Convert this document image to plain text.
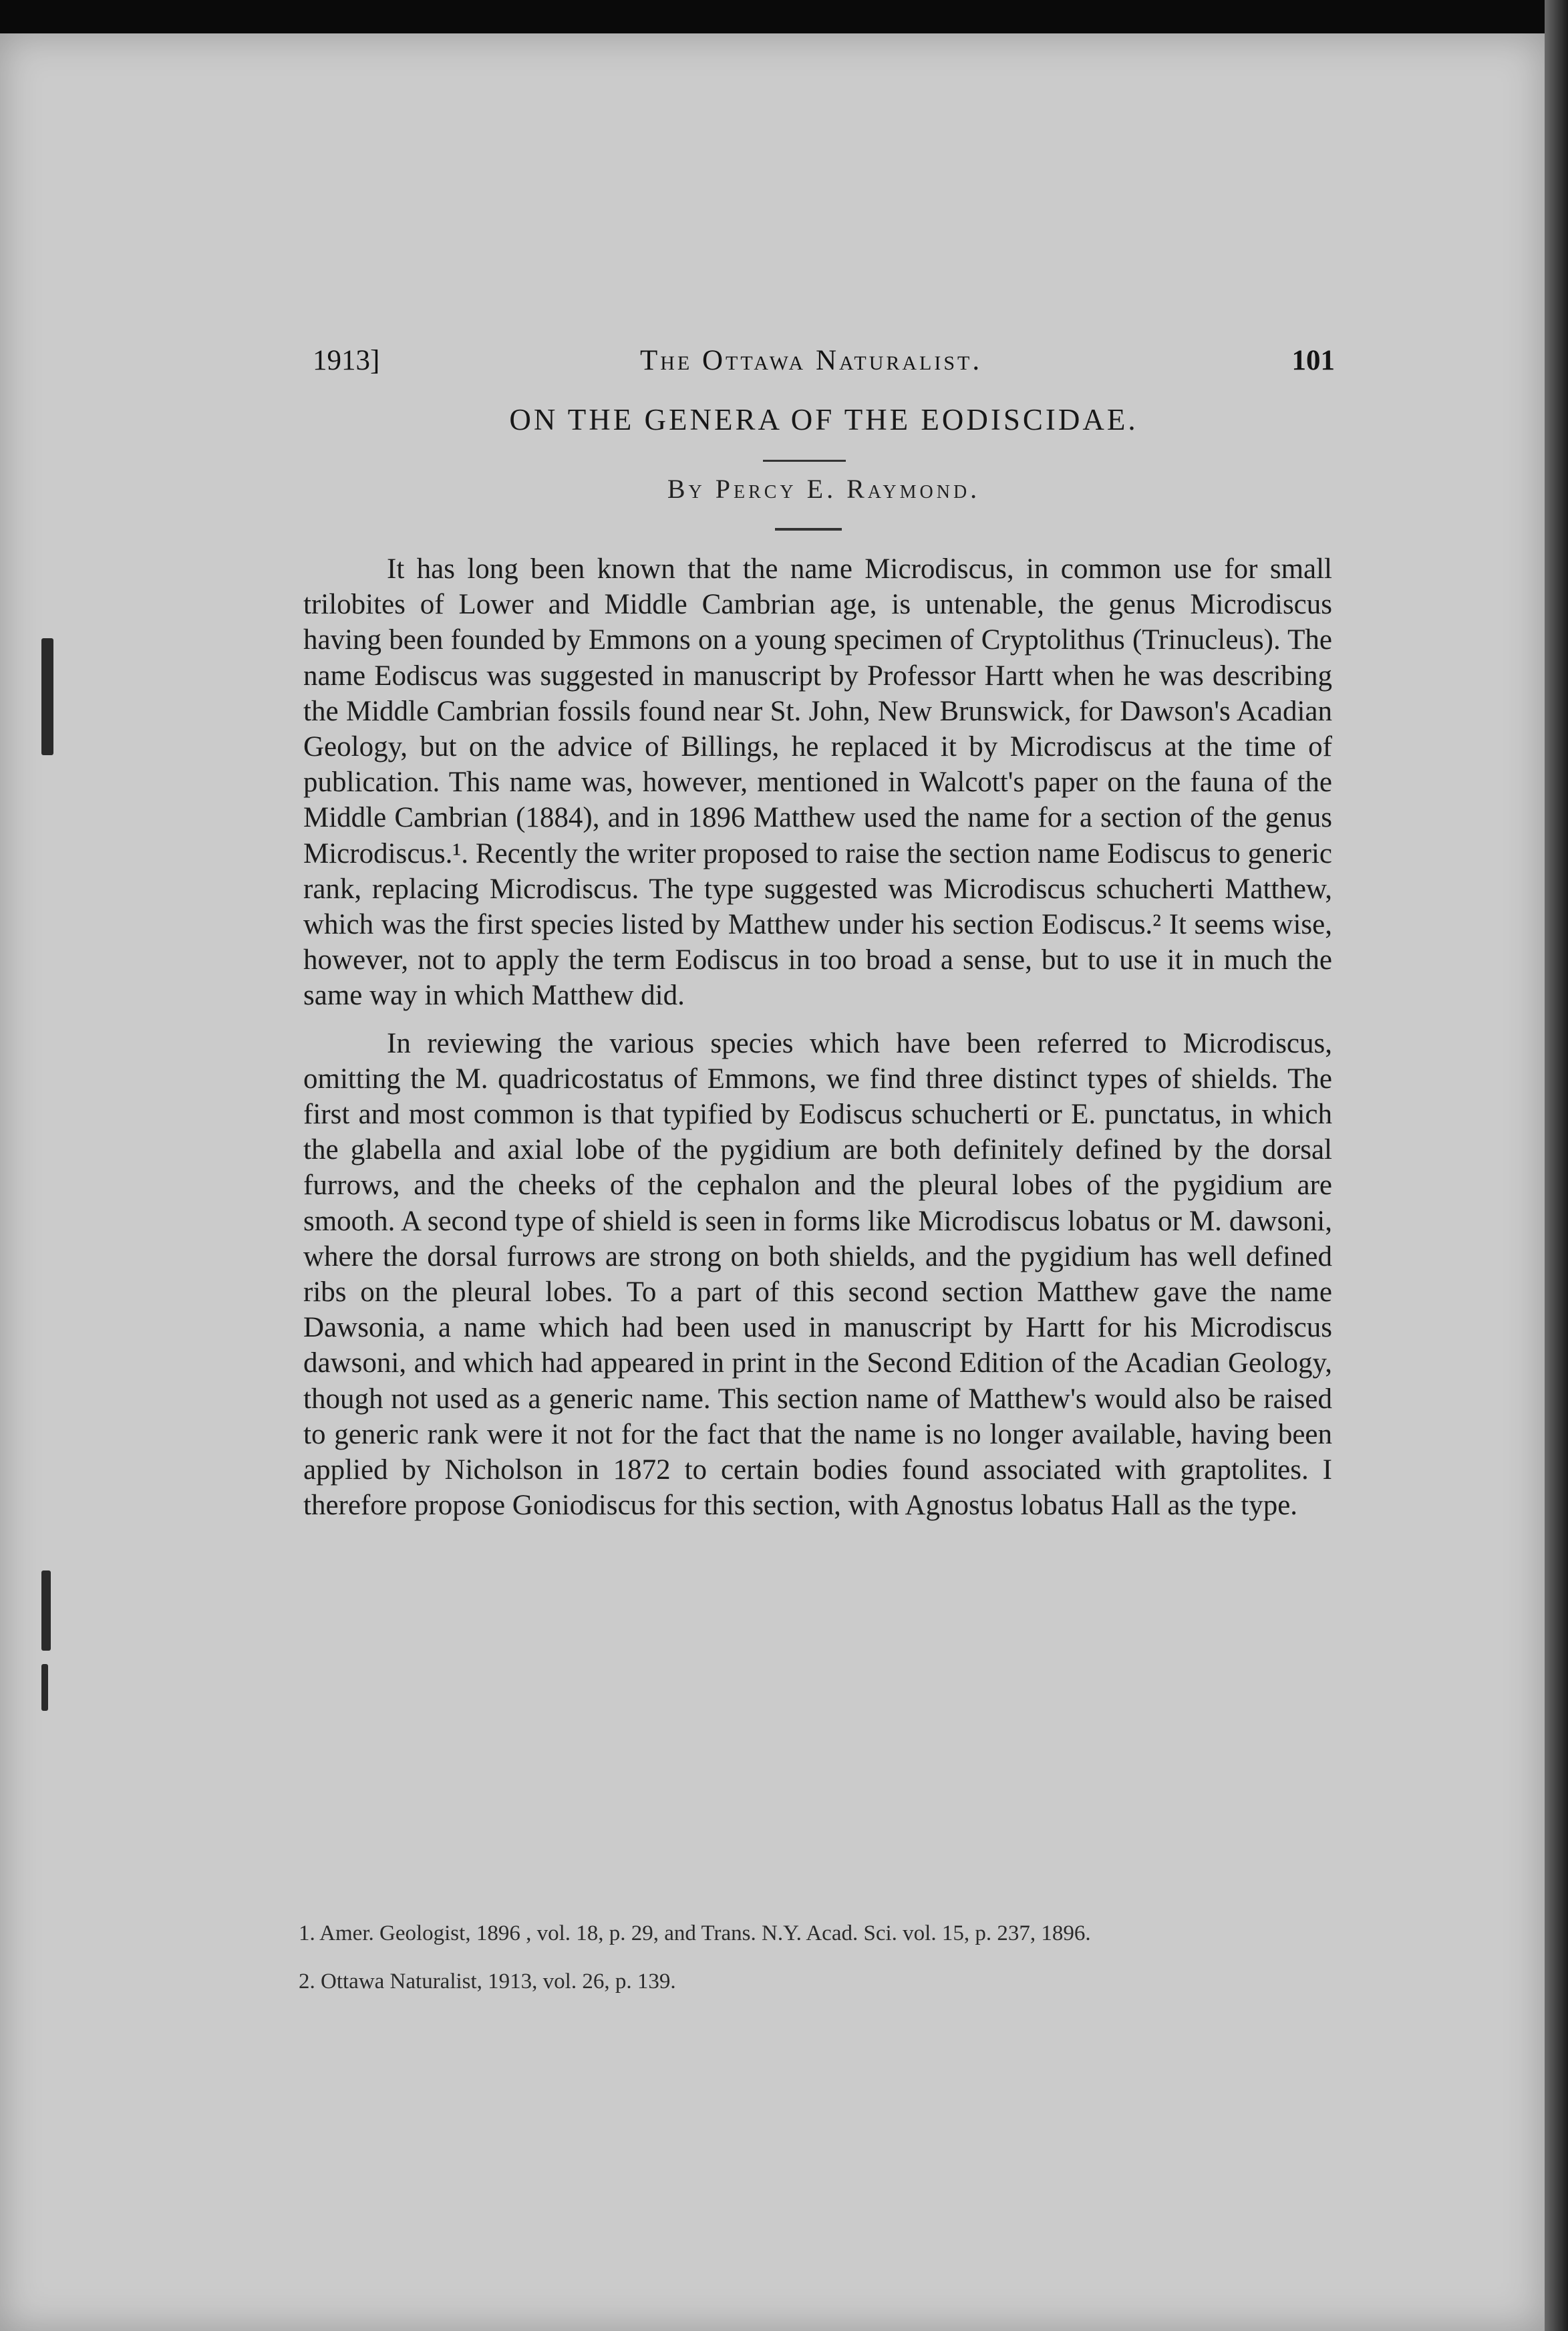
1913]	The Ottawa Naturalist.	101
ON THE GENERA OF THE EODISCIDAE.
By Percy E. Raymond.

It has long been known that the name Microdiscus, in common use for small trilobites of Lower and Middle Cambrian age, is untenable, the genus Microdiscus having been founded by Emmons on a young specimen of Cryptolithus (Trinucleus). The name Eodiscus was suggested in manuscript by Professor Hartt when he was describing the Middle Cambrian fossils found near St. John, New Brunswick, for Dawson's Acadian Geology, but on the advice of Billings, he replaced it by Microdiscus at the time of publication. This name was, however, mentioned in Walcott's paper on the fauna of the Middle Cambrian (1884), and in 1896 Matthew used the name for a section of the genus Microdiscus.¹. Recently the writer proposed to raise the section name Eodiscus to generic rank, replacing Microdiscus. The type suggested was Microdiscus schucherti Matthew, which was the first species listed by Matthew under his section Eodiscus.² It seems wise, however, not to apply the term Eodiscus in too broad a sense, but to use it in much the same way in which Matthew did.

In reviewing the various species which have been referred to Microdiscus, omitting the M. quadricostatus of Emmons, we find three distinct types of shields. The first and most common is that typified by Eodiscus schucherti or E. punctatus, in which the glabella and axial lobe of the pygidium are both definitely defined by the dorsal furrows, and the cheeks of the cephalon and the pleural lobes of the pygidium are smooth. A second type of shield is seen in forms like Microdiscus lobatus or M. dawsoni, where the dorsal furrows are strong on both shields, and the pygidium has well defined ribs on the pleural lobes. To a part of this second section Matthew gave the name Dawsonia, a name which had been used in manuscript by Hartt for his Microdiscus dawsoni, and which had appeared in print in the Second Edition of the Acadian Geology, though not used as a generic name. This section name of Matthew's would also be raised to generic rank were it not for the fact that the name is no longer available, having been applied by Nicholson in 1872 to certain bodies found associated with graptolites. I therefore propose Goniodiscus for this section, with Agnostus lobatus Hall as the type.

1. Amer. Geologist, 1896 , vol. 18, p. 29, and Trans. N.Y. Acad. Sci. vol. 15, p. 237, 1896.

2. Ottawa Naturalist, 1913, vol. 26, p. 139.
